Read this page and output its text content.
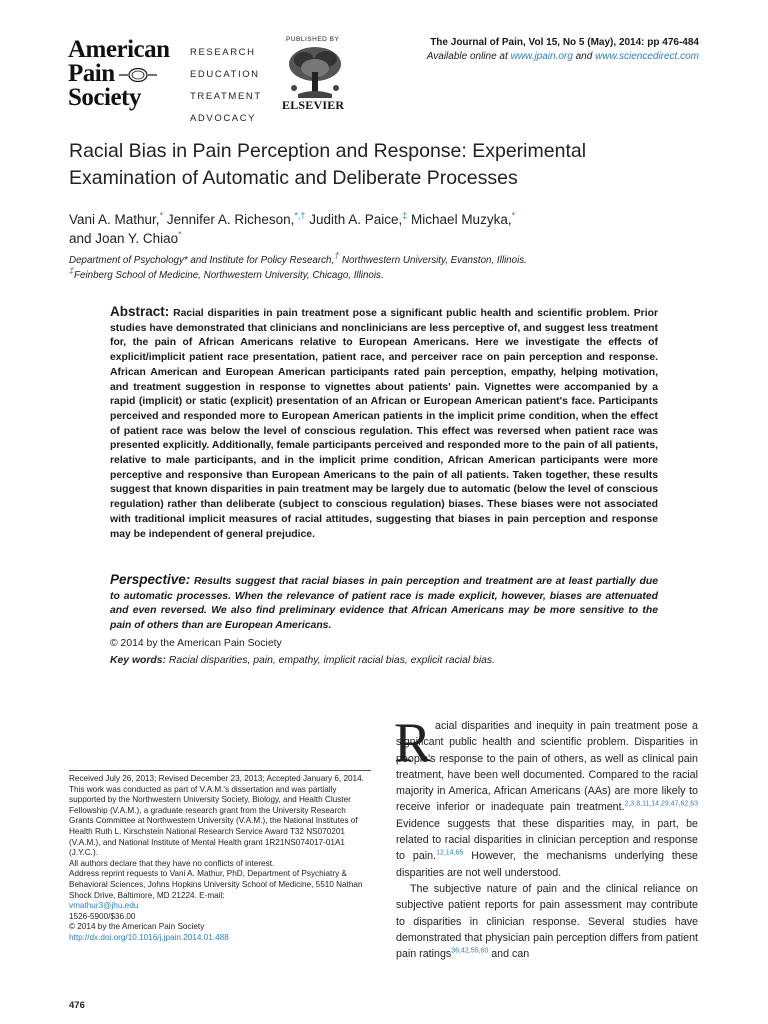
American
Pain
Society
RESEARCH
EDUCATION
TREATMENT
ADVOCACY
PUBLISHED BY
ELSEVIER
The Journal of Pain, Vol 15, No 5 (May), 2014: pp 476-484
Available online at www.jpain.org and www.sciencedirect.com
Racial Bias in Pain Perception and Response: Experimental
Examination of Automatic and Deliberate Processes
Vani A. Mathur,* Jennifer A. Richeson,*,† Judith A. Paice,‡ Michael Muzyka,*
and Joan Y. Chiao*
Department of Psychology* and Institute for Policy Research,† Northwestern University, Evanston, Illinois.
‡Feinberg School of Medicine, Northwestern University, Chicago, Illinois.
Abstract: Racial disparities in pain treatment pose a significant public health and scientific problem. Prior studies have demonstrated that clinicians and nonclinicians are less perceptive of, and suggest less treatment for, the pain of African Americans relative to European Americans. Here we investigate the effects of explicit/implicit patient race presentation, patient race, and perceiver race on pain perception and response. African American and European American participants rated pain perception, empathy, helping motivation, and treatment suggestion in response to vignettes about patients' pain. Vignettes were accompanied by a rapid (implicit) or static (explicit) presentation of an African or European American patient's face. Participants perceived and responded more to European American patients in the implicit prime condition, when the effect of patient race was below the level of conscious regulation. This effect was reversed when patient race was presented explicitly. Additionally, female participants perceived and responded more to the pain of all patients, relative to male participants, and in the implicit prime condition, African American participants were more perceptive and responsive than European Americans to the pain of all patients. Taken together, these results suggest that known disparities in pain treatment may be largely due to automatic (below the level of conscious regulation) rather than deliberate (subject to conscious regulation) biases. These biases were not associated with traditional implicit measures of racial attitudes, suggesting that biases in pain perception and response may be independent of general prejudice.
Perspective: Results suggest that racial biases in pain perception and treatment are at least partially due to automatic processes. When the relevance of patient race is made explicit, however, biases are attenuated and even reversed. We also find preliminary evidence that African Americans may be more sensitive to the pain of others than are European Americans.
© 2014 by the American Pain Society
Key words: Racial disparities, pain, empathy, implicit racial bias, explicit racial bias.

Received July 26, 2013; Revised December 23, 2013; Accepted January 6, 2014.

This work was conducted as part of V.A.M.'s dissertation and was partially supported by the Northwestern University Society, Biology, and Health Cluster Fellowship (V.A.M.), a graduate research grant from the University Research Grants Committee at Northwestern University (V.A.M.), the National Institutes of Health Ruth L. Kirschstein National Research Service Award T32 NS070201 (V.A.M.), and National Institute of Mental Health grant 1R21NS074017-01A1 (J.Y.C.).

All authors declare that they have no conflicts of interest.

Address reprint requests to Vani A. Mathur, PhD, Department of Psychiatry & Behavioral Sciences, Johns Hopkins University School of Medicine, 5510 Nathan Shock Drive, Baltimore, MD 21224. E-mail:
vmathur3@jhu.edu

1526-5900/$36.00

© 2014 by the American Pain Society

http://dx.doi.org/10.1016/j.jpain.2014.01.488

476
R acial disparities and inequity in pain treatment pose a significant public health and scientific problem. Disparities in people's response to the pain of others, as well as clinical pain treatment, have been well documented. Compared to the racial majority in America, African Americans (AAs) are more likely to receive inferior or inadequate pain treatment.$^{2,3,8,11,14,29,47,62,63}$ Evidence suggests that these disparities may, in part, be related to racial disparities in clinician perception and response to pain.$^{12,14,65}$ However, the mechanisms underlying these disparities are not well understood.

The subjective nature of pain and the clinical reliance on subjective patient reports for pain assessment may contribute to disparities in clinician response. Several studies have demonstrated that physician pain perception differs from patient pain ratings$^{36,42,55,60}$ and can
